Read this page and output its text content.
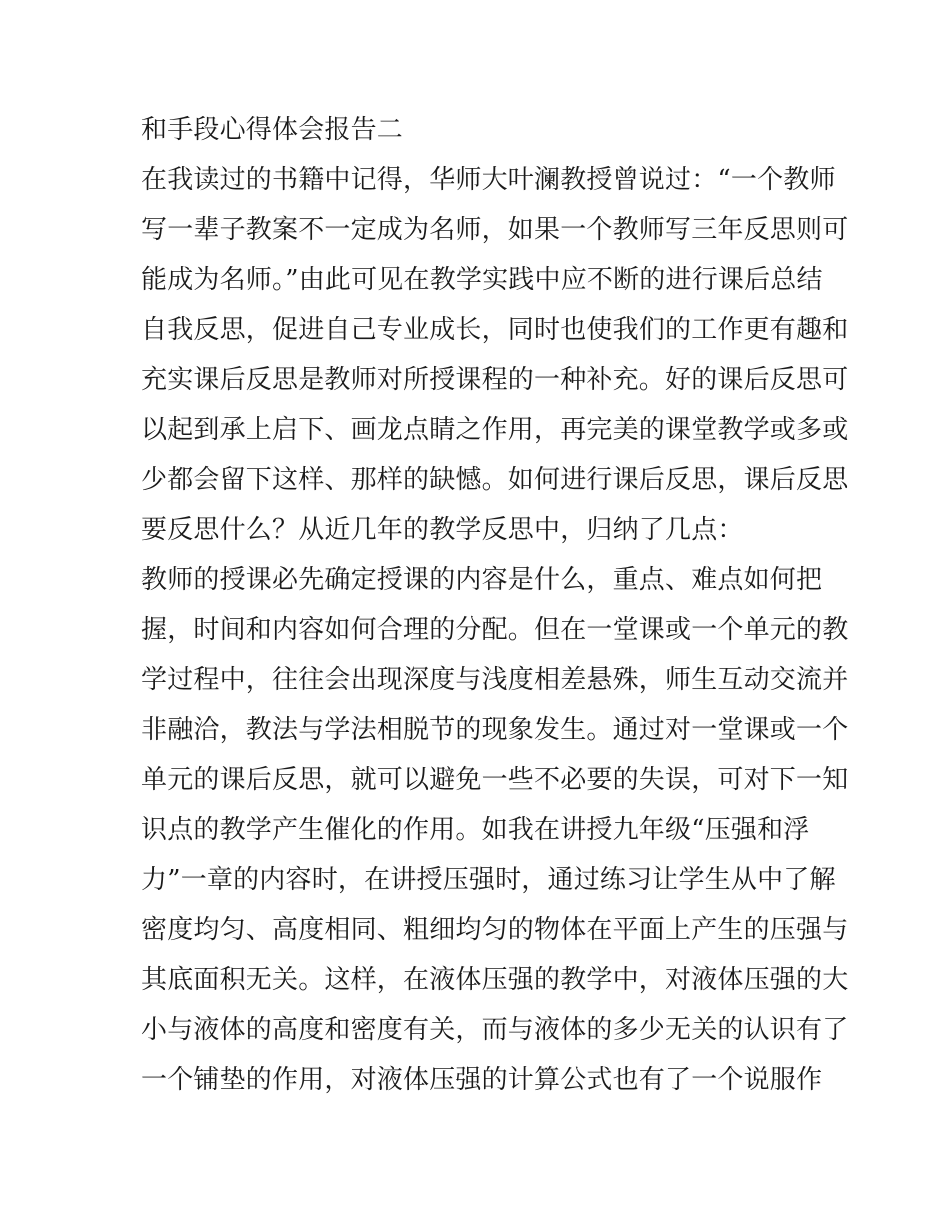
和手段心得体会报告二
在我读过的书籍中记得，华师大叶澜教授曾说过：“一个教师
写一辈子教案不一定成为名师，如果一个教师写三年反思则可
能成为名师。”由此可见在教学实践中应不断的进行课后总结
自我反思，促进自己专业成长，同时也使我们的工作更有趣和
充实课后反思是教师对所授课程的一种补充。好的课后反思可
以起到承上启下、画龙点睛之作用，再完美的课堂教学或多或
少都会留下这样、那样的缺憾。如何进行课后反思，课后反思
要反思什么？从近几年的教学反思中，归纳了几点：
教师的授课必先确定授课的内容是什么，重点、难点如何把
握，时间和内容如何合理的分配。但在一堂课或一个单元的教
学过程中，往往会出现深度与浅度相差悬殊，师生互动交流并
非融洽，教法与学法相脱节的现象发生。通过对一堂课或一个
单元的课后反思，就可以避免一些不必要的失误，可对下一知
识点的教学产生催化的作用。如我在讲授九年级“压强和浮
力”一章的内容时，在讲授压强时，通过练习让学生从中了解
密度均匀、高度相同、粗细均匀的物体在平面上产生的压强与
其底面积无关。这样，在液体压强的教学中，对液体压强的大
小与液体的高度和密度有关，而与液体的多少无关的认识有了
一个铺垫的作用，对液体压强的计算公式也有了一个说服作
